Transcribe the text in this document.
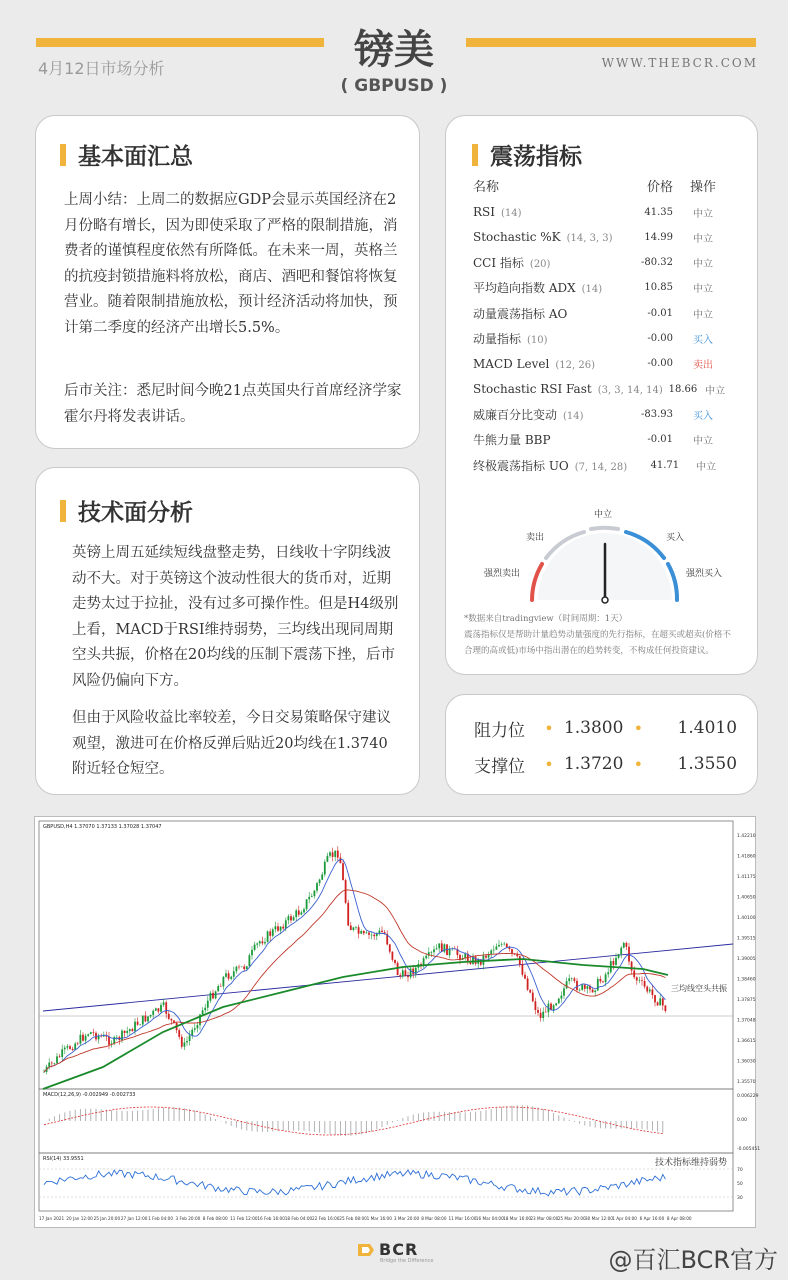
4月12日市场分析	镑美
( GBPUSD )
WWW.THEBCR.COM
基本面汇总
上周小结：上周二的数据应GDP会显示英国经济在2月份略有增长，因为即使采取了严格的限制措施，消费者的谨慎程度依然有所降低。在未来一周，英格兰的抗疫封锁措施料将放松，商店、酒吧和餐馆将恢复营业。随着限制措施放松，预计经济活动将加快，预计第二季度的经济产出增长5.5%。
后市关注：悉尼时间今晚21点英国央行首席经济学家霍尔丹将发表讲话。
技术面分析
英镑上周五延续短线盘整走势，日线收十字阴线波动不大。对于英镑这个波动性很大的货币对，近期走势太过于拉扯，没有过多可操作性。但是H4级别上看，MACD于RSI维持弱势，三均线出现同周期空头共振，价格在20均线的压制下震荡下挫，后市风险仍偏向下方。
但由于风险收益比率较差，今日交易策略保守建议观望，激进可在价格反弹后贴近20均线在1.3740附近轻仓短空。
震荡指标
名称	价格	操作
RSI (14)	41.35	中立
Stochastic %K (14, 3, 3)	14.99	中立
CCI 指标 (20)	-80.32	中立
平均趋向指数 ADX (14)	10.85	中立
动量震荡指标 AO	-0.01	中立
动量指标 (10)	-0.00	买入
MACD Level (12, 26)	-0.00	卖出
Stochastic RSI Fast (3, 3, 14, 14) 18.66 中立
威廉百分比变动 (14)	-83.93	买入
牛熊力量 BBP	-0.01	中立
终极震荡指标 UO (7, 14, 28)	41.71	中立
强烈卖出
卖出
中立
买入
强烈买入
*数据来自tradingview（时间周期：1天）
震荡指标仅是帮助计量趋势动量强度的先行指标，在超买或超卖(价格不合理的高或低)市场中指出潜在的趋势转变，不构成任何投资建议。
阻力位	• 1.3800 •	1.4010
支撑位	• 1.3720 •	1.3550
1.42210
1.41860
1.41175
1.40650
1.40100
1.39515
1.39005
1.38460
1.37875
1.37048
1.36615
1.36030
1.35570
0.006229
0.00
-0.005451
70
50
30
17 Jan 2021 20 Jan 12:00 25 Jan 20:00 27 Jan 12:00 1 Feb 04:00 3 Feb 20:00 8 Feb 08:00 11 Feb 12:00 16 Feb 16:00 18 Feb 04:00 22 Feb 16:00 25 Feb 08:00 1 Mar 16:00 3 Mar 20:00 8 Mar 08:00 11 Mar 16:00 16 Mar 04:00 18 Mar 16:00 23 Mar 08:00 25 Mar 20:00 30 Mar 12:00 1 Apr 04:00 6 Apr 16:00 8 Apr 08:00
GBPUSD,H4 1.37070 1.37133 1.37028 1.37047
MACD(12,26,9) -0.002949 -0.002733
RSI(14) 33.9551
三均线空头共振
技术指标维持弱势
BCR
Bridge the Difference	@百汇BCR官方
